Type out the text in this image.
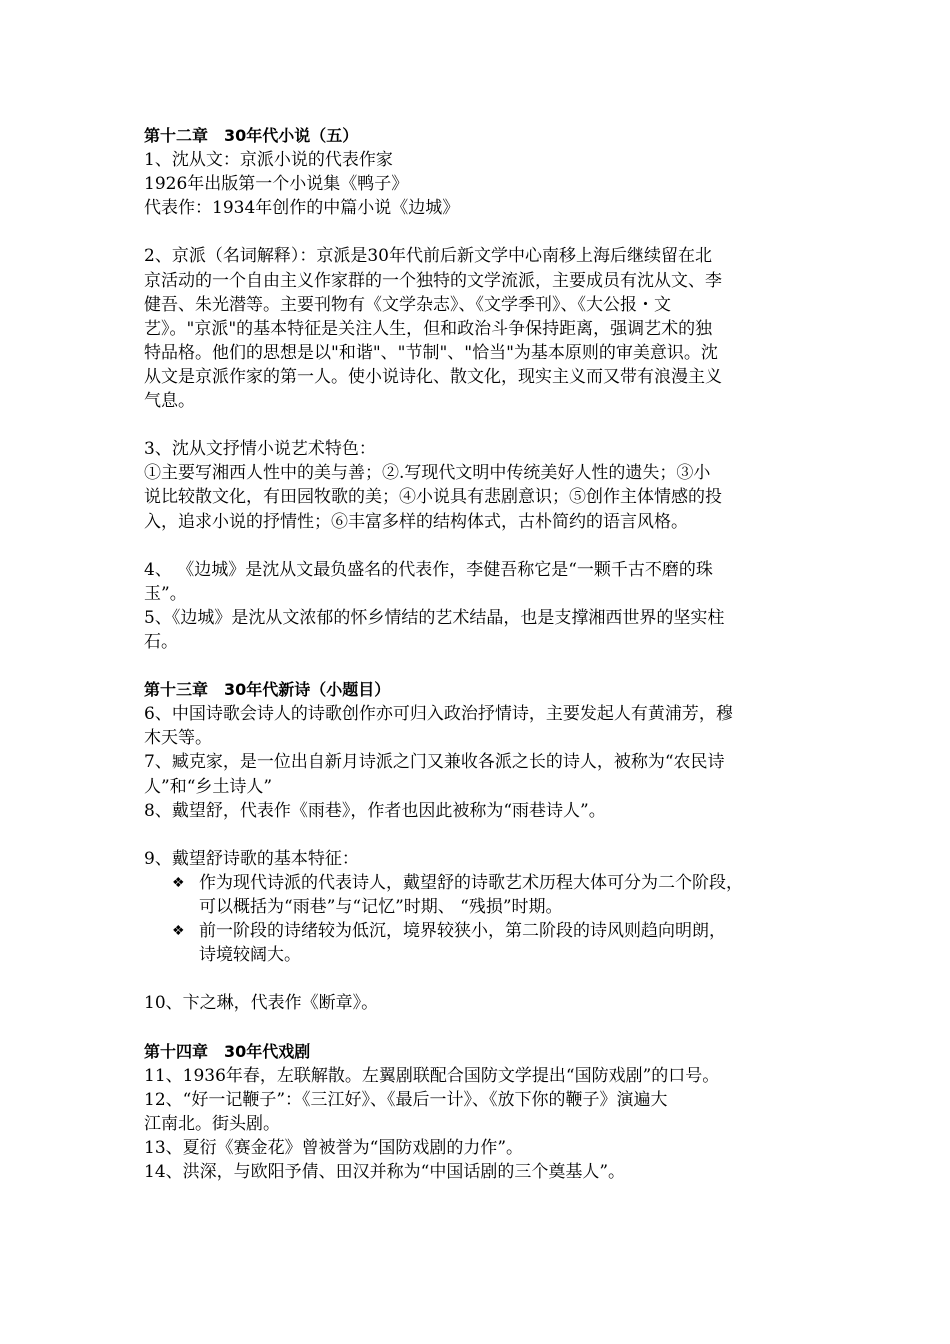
第十二章　30年代小说（五）

1、沈从文：京派小说的代表作家

1926年出版第一个小说集《鸭子》

代表作：1934年创作的中篇小说《边城》

2、京派（名词解释）：京派是30年代前后新文学中心南移上海后继续留在北

京活动的一个自由主义作家群的一个独特的文学流派，主要成员有沈从文、李

健吾、朱光潜等。主要刊物有《文学杂志》、《文学季刊》、《大公报・文

艺》。"京派"的基本特征是关注人生，但和政治斗争保持距离，强调艺术的独

特品格。他们的思想是以"和谐"、"节制"、"恰当"为基本原则的审美意识。沈

从文是京派作家的第一人。使小说诗化、散文化，现实主义而又带有浪漫主义

气息。

3、沈从文抒情小说艺术特色：

①主要写湘西人性中的美与善；②.写现代文明中传统美好人性的遗失；③小

说比较散文化，有田园牧歌的美；④小说具有悲剧意识；⑤创作主体情感的投

入，追求小说的抒情性；⑥丰富多样的结构体式，古朴简约的语言风格。

4、 《边城》是沈从文最负盛名的代表作，李健吾称它是“一颗千古不磨的珠

玉”。

5、《边城》是沈从文浓郁的怀乡情结的艺术结晶，也是支撑湘西世界的坚实柱

石。

第十三章　30年代新诗（小题目）

6、中国诗歌会诗人的诗歌创作亦可归入政治抒情诗，主要发起人有黄浦芳，穆

木天等。

7、臧克家，是一位出自新月诗派之门又兼收各派之长的诗人，被称为“农民诗

人”和“乡土诗人”

8、戴望舒，代表作《雨巷》，作者也因此被称为“雨巷诗人”。

9、戴望舒诗歌的基本特征：

❖ 作为现代诗派的代表诗人，戴望舒的诗歌艺术历程大体可分为二个阶段，

可以概括为“雨巷”与“记忆”时期、 “残损”时期。

❖ 前一阶段的诗绪较为低沉，境界较狭小，第二阶段的诗风则趋向明朗，

诗境较阔大。

10、卞之琳，代表作《断章》。

第十四章　30年代戏剧

11、1936年春，左联解散。左翼剧联配合国防文学提出“国防戏剧”的口号。

12、“好一记鞭子”：《三江好》、《最后一计》、《放下你的鞭子》演遍大

江南北。街头剧。

13、夏衍《赛金花》曾被誉为“国防戏剧的力作”。

14、洪深，与欧阳予倩、田汉并称为“中国话剧的三个奠基人”。
